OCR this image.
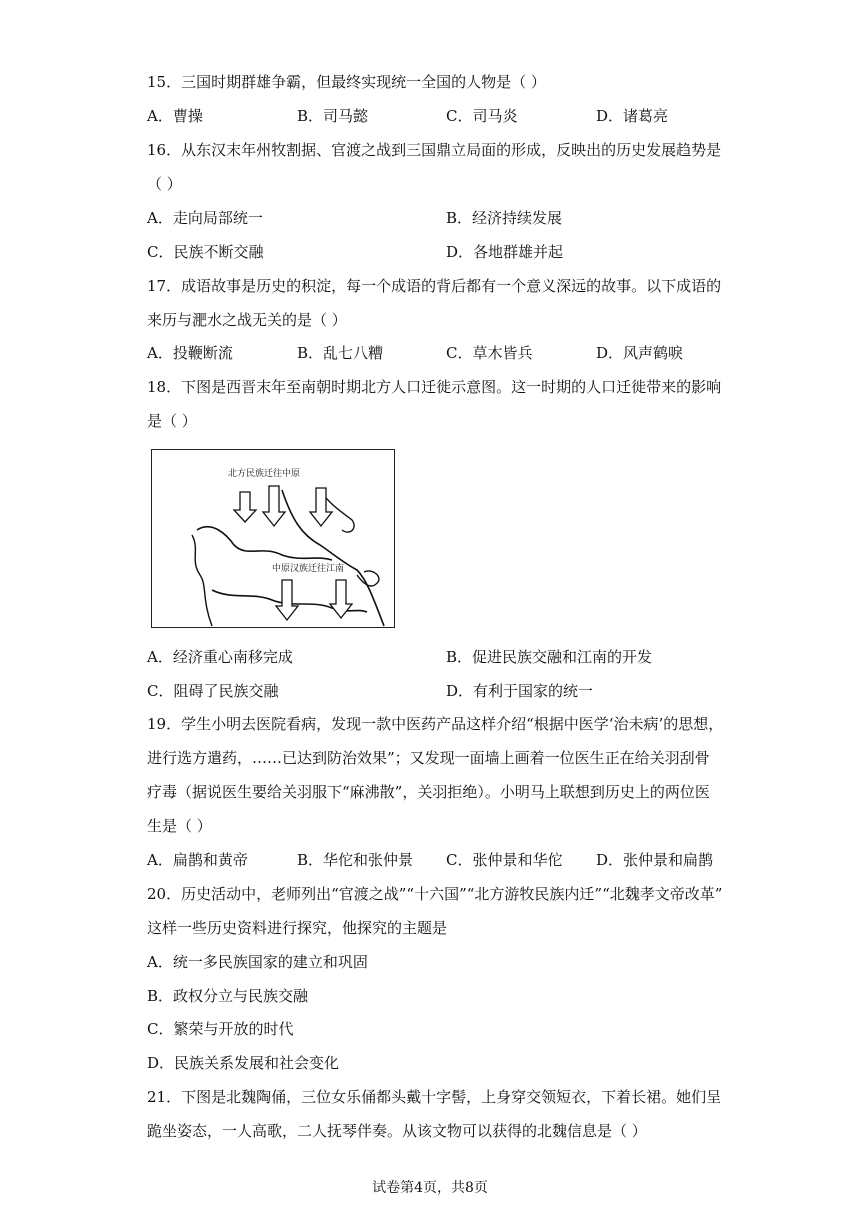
15．三国时期群雄争霸，但最终实现统一全国的人物是（ ）
A．曹操	B．司马懿	C．司马炎	D．诸葛亮
16．从东汉末年州牧割据、官渡之战到三国鼎立局面的形成，反映出的历史发展趋势是
（ ）
A．走向局部统一	B．经济持续发展
C．民族不断交融	D．各地群雄并起
17．成语故事是历史的积淀，每一个成语的背后都有一个意义深远的故事。以下成语的
来历与淝水之战无关的是（ ）
A．投鞭断流	B．乱七八糟	C．草木皆兵	D．风声鹤唳
18．下图是西晋末年至南朝时期北方人口迁徙示意图。这一时期的人口迁徙带来的影响
是（ ）
北方民族迁往中原
中原汉族迁往江南
A．经济重心南移完成	B．促进民族交融和江南的开发
C．阻碍了民族交融	D．有利于国家的统一
19．学生小明去医院看病，发现一款中医药产品这样介绍“根据中医学‘治未病’的思想，
进行选方遣药，……已达到防治效果”；又发现一面墙上画着一位医生正在给关羽刮骨
疗毒（据说医生要给关羽服下“麻沸散”，关羽拒绝）。小明马上联想到历史上的两位医
生是（ ）
A．扁鹊和黄帝	B．华佗和张仲景 C．张仲景和华佗 D．张仲景和扁鹊
20．历史活动中，老师列出“官渡之战”“十六国”“北方游牧民族内迁”“北魏孝文帝改革”
这样一些历史资料进行探究，他探究的主题是
A．统一多民族国家的建立和巩固
B．政权分立与民族交融
C．繁荣与开放的时代
D．民族关系发展和社会变化
21．下图是北魏陶俑，三位女乐俑都头戴十字髻，上身穿交领短衣，下着长裙。她们呈
跪坐姿态，一人高歌，二人抚琴伴奏。从该文物可以获得的北魏信息是（ ）
试卷第4页，共8页
